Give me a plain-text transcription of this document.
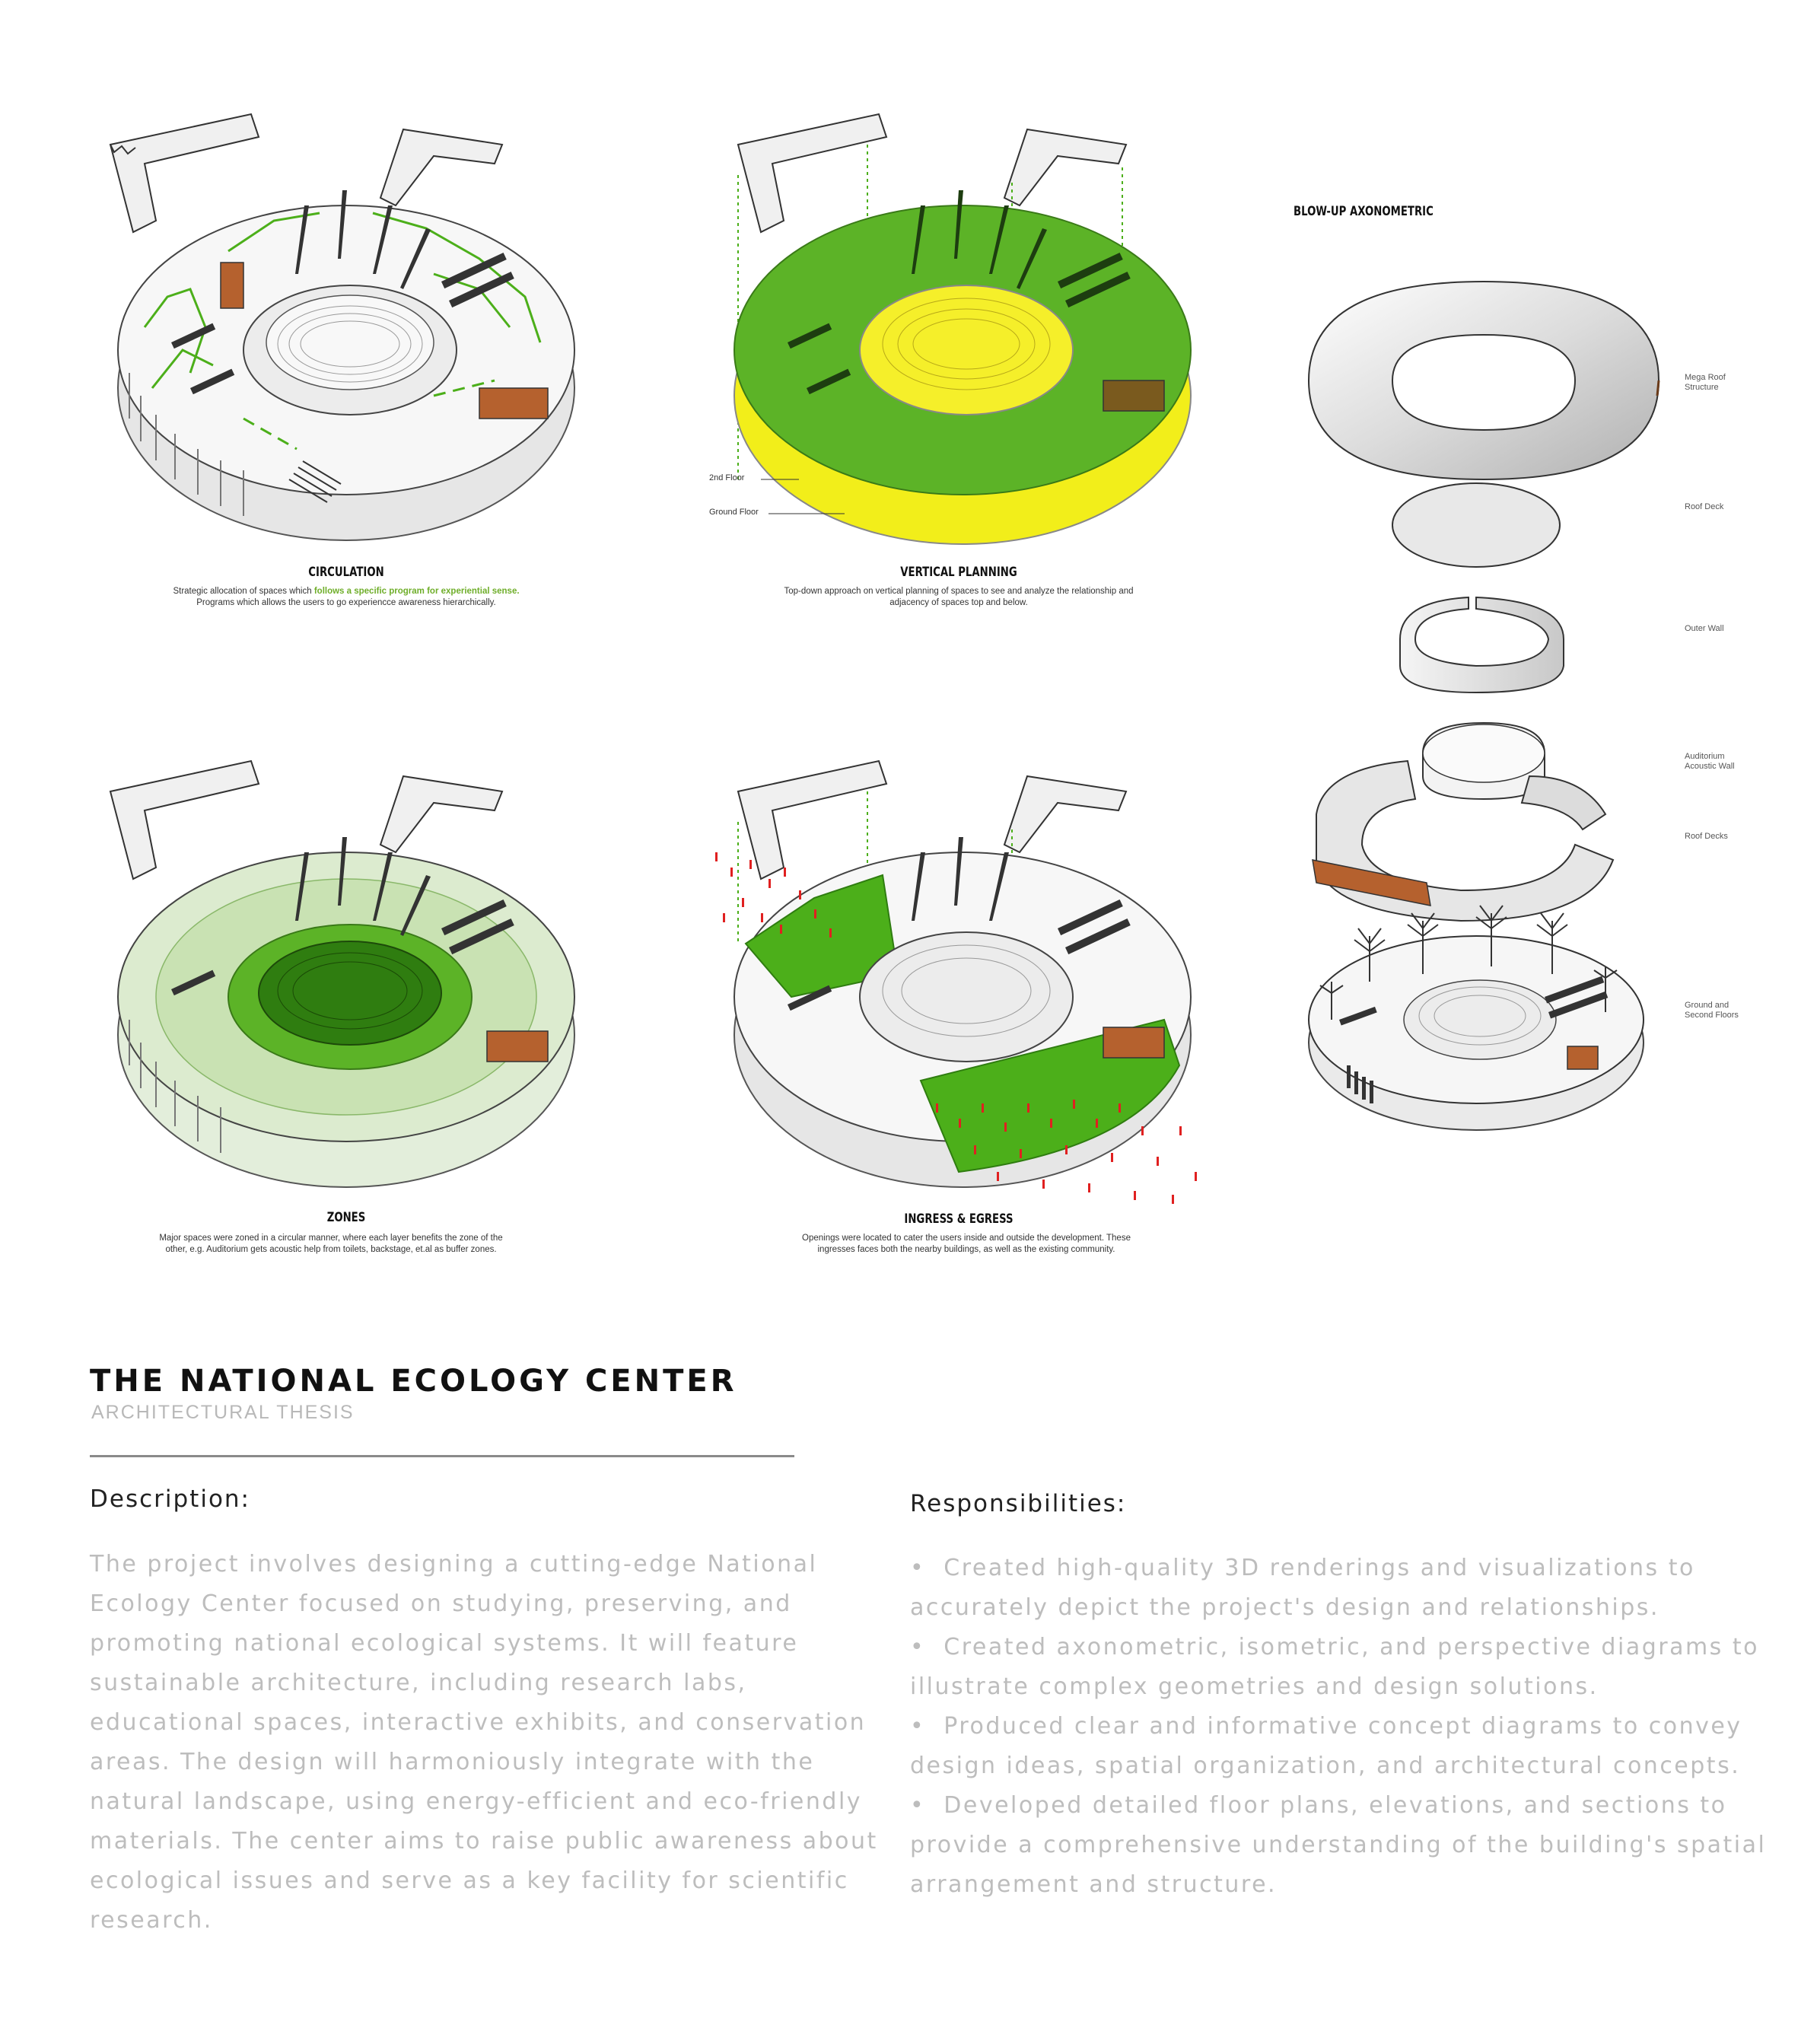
CIRCULATION
Strategic allocation of spaces which follows a specific program for experiential sense. Programs which allows the users to go experiencce awareness hierarchically.
2nd Floor
Ground Floor
VERTICAL PLANNING
Top-down approach on vertical planning of spaces to see and analyze the relationship and adjacency of spaces top and below.
ZONES
Major spaces were zoned in a circular manner, where each layer benefits the zone of the other, e.g. Auditorium gets acoustic help from toilets, backstage, et.al as buffer zones.
INGRESS & EGRESS
Openings were located to cater the users inside and outside the development. These ingresses faces both the nearby buildings, as well as the existing community.
BLOW-UP AXONOMETRIC
Mega Roof Structure
Roof Deck
Outer Wall
Auditorium Acoustic Wall
Roof Decks
Ground and Second Floors
THE NATIONAL ECOLOGY CENTER
ARCHITECTURAL THESIS
Description:
The project involves designing a cutting-edge National Ecology Center focused on studying, preserving, and promoting national ecological systems. It will feature sustainable architecture, including research labs, educational spaces, interactive exhibits, and conservation areas. The design will harmoniously integrate with the natural landscape, using energy-efficient and eco-friendly materials. The center aims to raise public awareness about ecological issues and serve as a key facility for scientific research.
Responsibilities:

•  Created high-quality 3D renderings and visualizations to accurately depict the project's design and relationships.

•  Created axonometric, isometric, and perspective diagrams to illustrate complex geometries and design solutions.

•  Produced clear and informative concept diagrams to convey design ideas, spatial organization, and architectural concepts.

•  Developed detailed floor plans, elevations, and sections to provide a comprehensive understanding of the building's spatial arrangement and structure.
